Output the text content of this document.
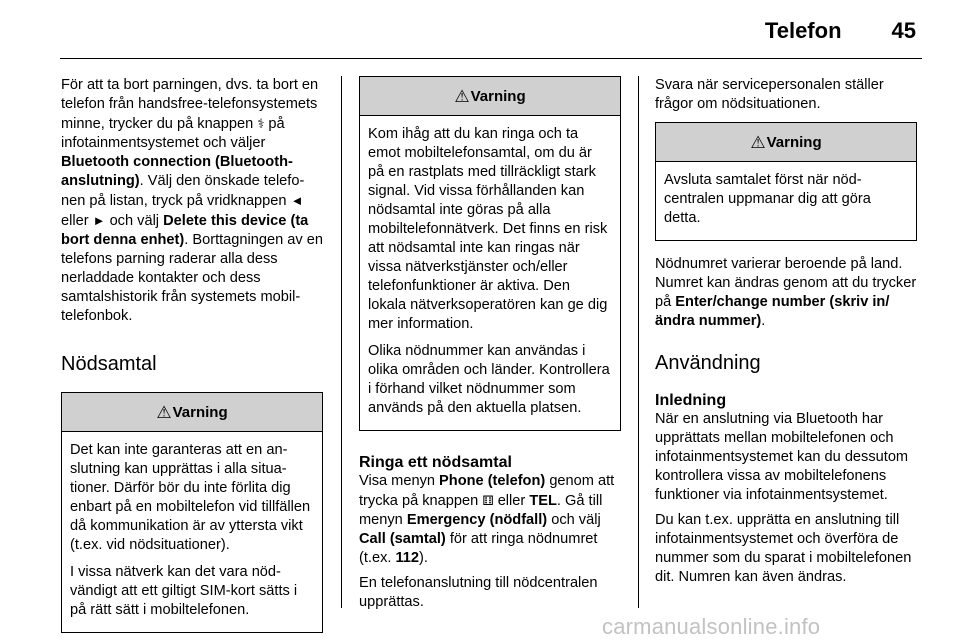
Telefon 45

För att ta bort parningen, dvs. ta bort en telefon från handsfree-telefonsystemets minne, trycker du på knappen ⚕ på infotainmentsystemet och väljer Bluetooth connection (Bluetooth-anslutning). Välj den önskade telefonen på listan, tryck på vridknappen ◄ eller ► och välj Delete this device (ta bort denna enhet). Borttagningen av en telefons parning raderar alla dess nerladdade kontakter och dess samtalshistorik från systemets mobiltelefonbok.

Nödsamtal
⚠ Varning

Det kan inte garanteras att en anslutning kan upprättas i alla situationer. Därför bör du inte förlita dig enbart på en mobiltelefon vid tillfällen då kommunikation är av yttersta vikt (t.ex. vid nödsituationer).

I vissa nätverk kan det vara nödvändigt att ett giltigt SIM-kort sätts i på rätt sätt i mobiltelefonen.

⚠ Varning

Kom ihåg att du kan ringa och ta emot mobiltelefonsamtal, om du är på en rastplats med tillräckligt stark signal. Vid vissa förhållanden kan nödsamtal inte göras på alla mobiltelefonnätverk. Det finns en risk att nödsamtal inte kan ringas när vissa nätverkstjänster och/eller telefonfunktioner är aktiva. Den lokala nätverksoperatören kan ge dig mer information.

Olika nödnummer kan användas i olika områden och länder. Kontrollera i förhand vilket nödnummer som används på den aktuella platsen.

Ringa ett nödsamtal

Visa menyn Phone (telefon) genom att trycka på knappen ⚅ eller TEL. Gå till menyn Emergency (nödfall) och välj Call (samtal) för att ringa nödnumret (t.ex. 112).

En telefonanslutning till nödcentralen upprättas.

Svara när servicepersonalen ställer frågor om nödsituationen.

⚠ Varning

Avsluta samtalet först när nödcentralen uppmanar dig att göra detta.

Nödnumret varierar beroende på land. Numret kan ändras genom att du trycker på Enter/change number (skriv in/ändra nummer).

Användning
Inledning

När en anslutning via Bluetooth har upprättats mellan mobiltelefonen och infotainmentsystemet kan du dessutom kontrollera vissa av mobiltelefonens funktioner via infotainmentsystemet.

Du kan t.ex. upprätta en anslutning till infotainmentsystemet och överföra de nummer som du sparat i mobiltelefonen dit. Numren kan även ändras.

carmanualsonline.info
